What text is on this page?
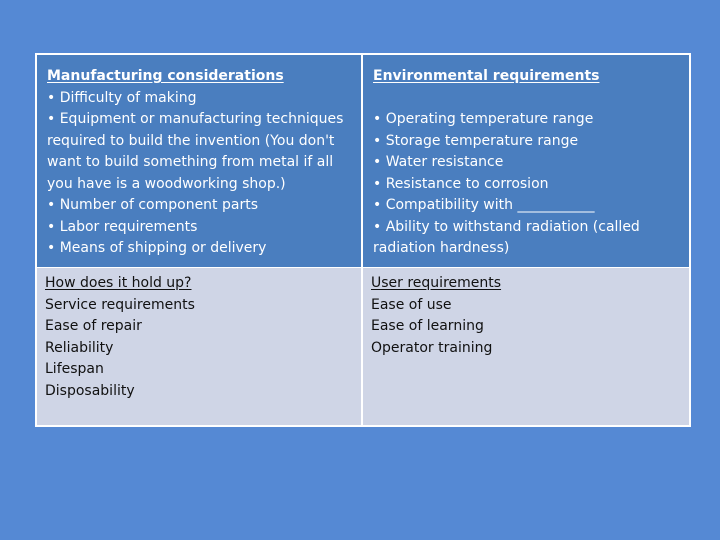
Manufacturing considerations
• Difficulty of making
• Equipment or manufacturing techniques
required to build the invention (You don't
want to build something from metal if all
you have is a woodworking shop.)
• Number of component parts
• Labor requirements
• Means of shipping or delivery
Environmental requirements
• Operating temperature range
• Storage temperature range
• Water resistance
• Resistance to corrosion
• Compatibility with ___________
• Ability to withstand radiation (called
radiation hardness)
How does it hold up?
Service requirements
Ease of repair
Reliability
Lifespan
Disposability
User requirements
Ease of use
Ease of learning
Operator training
